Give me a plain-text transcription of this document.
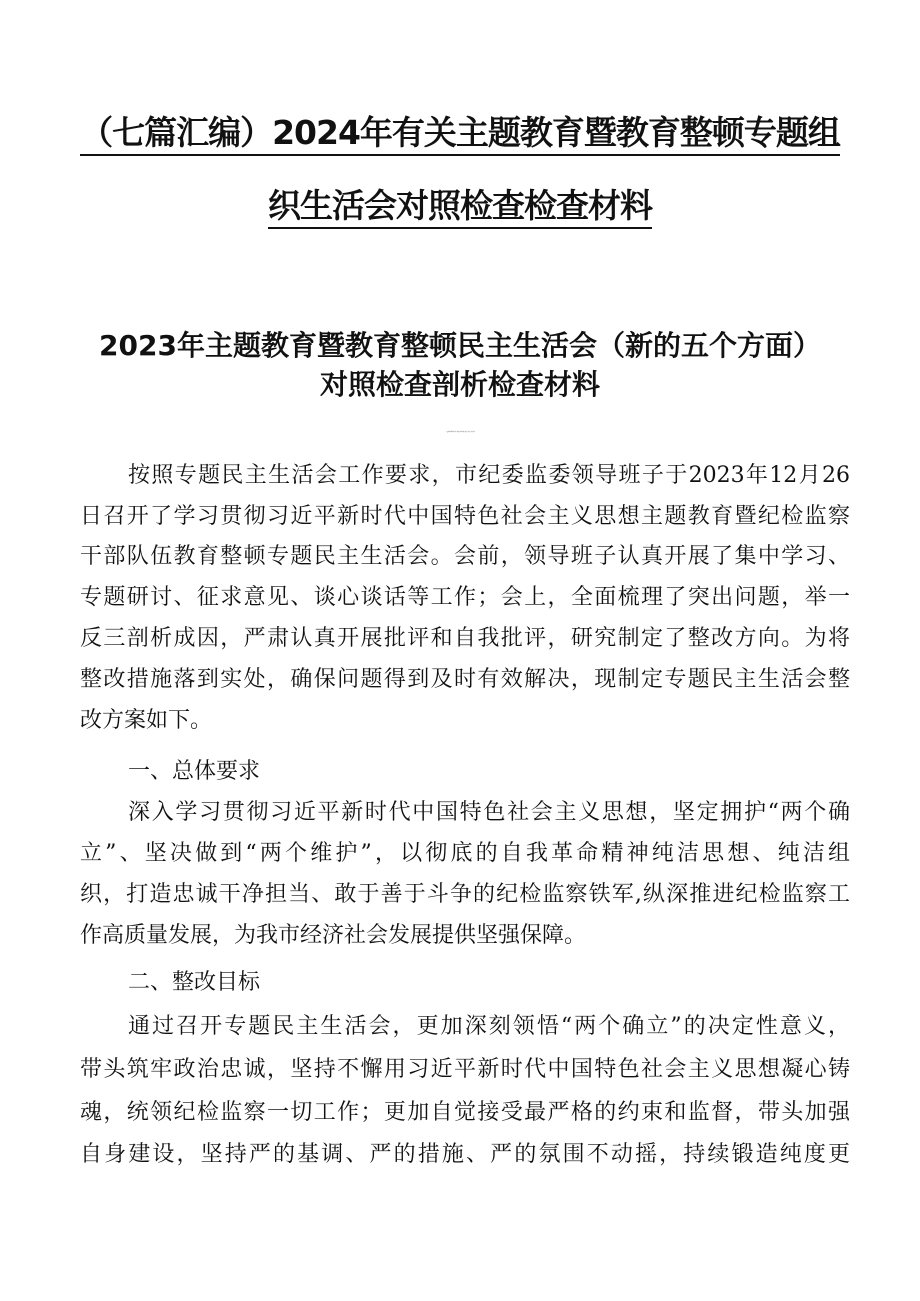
（七篇汇编）2024年有关主题教育暨教育整顿专题组
织生活会对照检查检查材料

2023年主题教育暨教育整顿民主生活会（新的五个方面）
对照检查剖析检查材料

——更观教育暨纪检蓝察干都队仇数有整颜专强反N旅法会整改方嚓

按照专题民主生活会工作要求，市纪委监委领导班子于2023年12月26

日召开了学习贯彻习近平新时代中国特色社会主义思想主题教育暨纪检监察

干部队伍教育整顿专题民主生活会。会前，领导班子认真开展了集中学习、

专题研讨、征求意见、谈心谈话等工作；会上，全面梳理了突出问题，举一

反三剖析成因，严肃认真开展批评和自我批评，研究制定了整改方向。为将

整改措施落到实处，确保问题得到及时有效解决，现制定专题民主生活会整

改方案如下。

一、总体要求

深入学习贯彻习近平新时代中国特色社会主义思想，坚定拥护“两个确

立”、坚决做到“两个维护”，以彻底的自我革命精神纯洁思想、纯洁组

织，打造忠诚干净担当、敢于善于斗争的纪检监察铁军,纵深推进纪检监察工

作高质量发展，为我市经济社会发展提供坚强保障。

二、整改目标

通过召开专题民主生活会，更加深刻领悟“两个确立”的决定性意义，

带头筑牢政治忠诚，坚持不懈用习近平新时代中国特色社会主义思想凝心铸

魂，统领纪检监察一切工作；更加自觉接受最严格的约束和监督，带头加强

自身建设，坚持严的基调、严的措施、严的氛围不动摇，持续锻造纯度更
